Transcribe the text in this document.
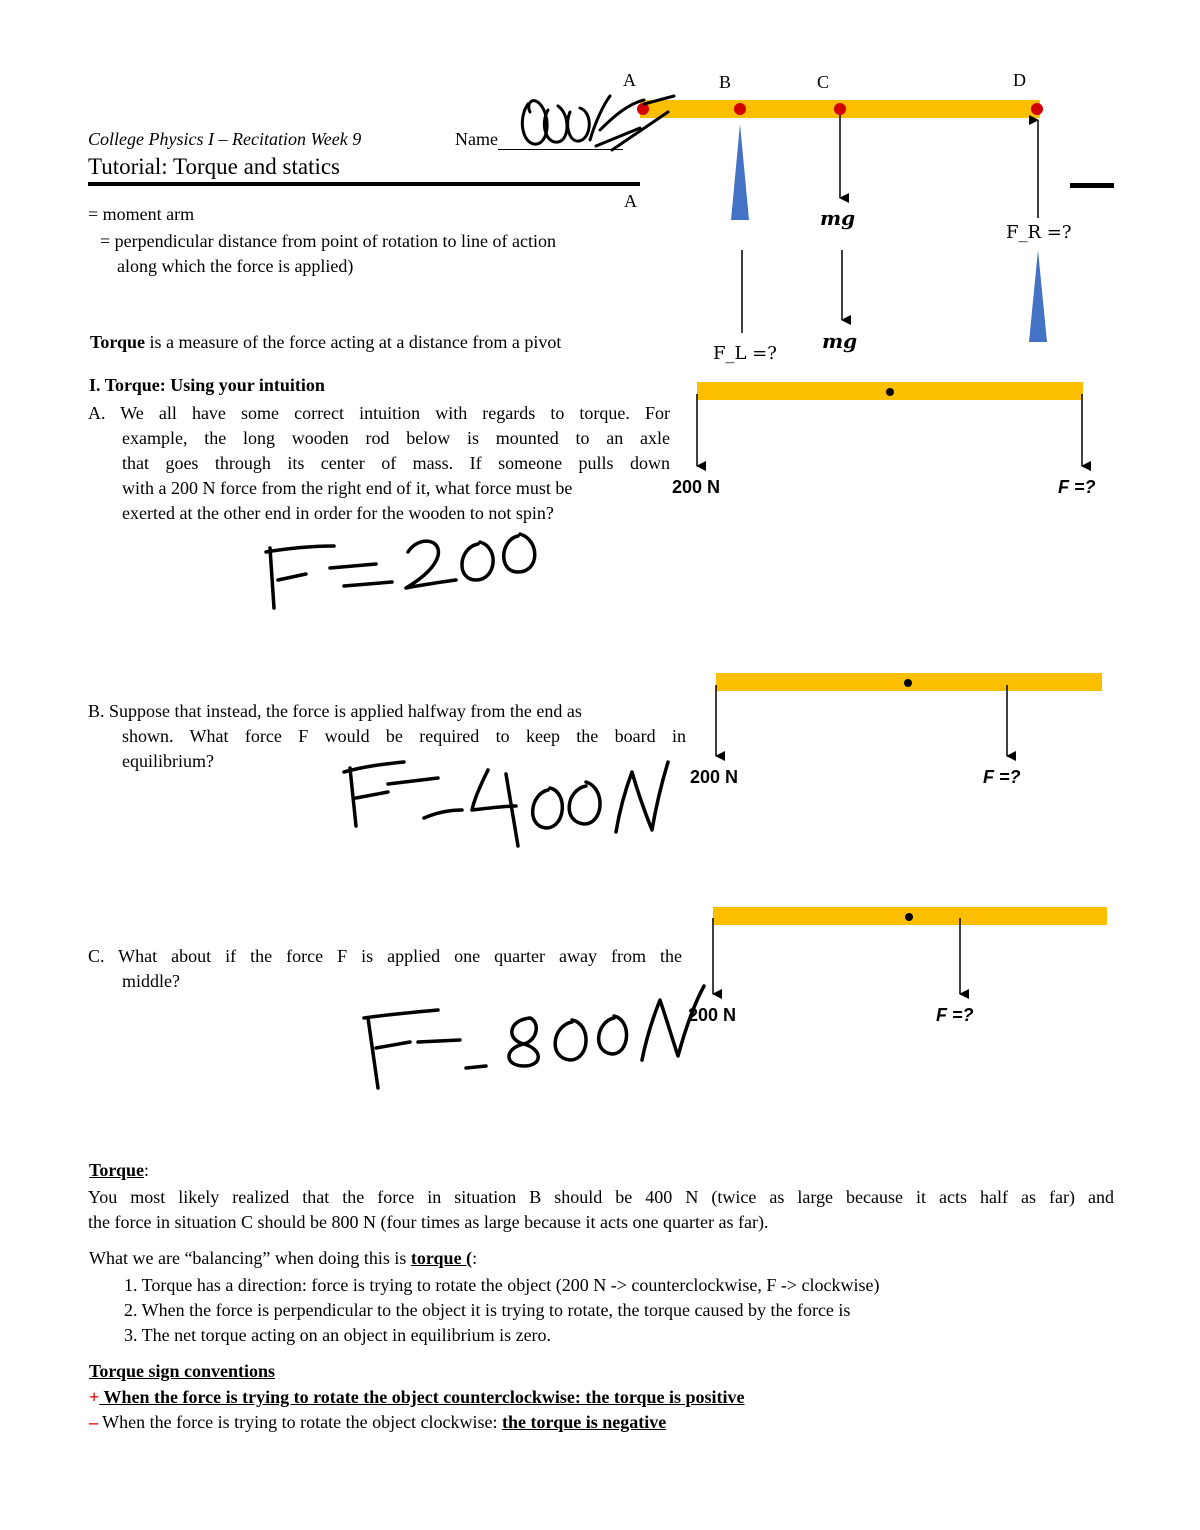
College Physics I – Recitation Week 9	Name
Tutorial: Torque and statics
= moment arm
= perpendicular distance from point of rotation to line of action
along which the force is applied)
Torque is a measure of the force acting at a distance from a pivot
I. Torque: Using your intuition
A. We all have some correct intuition with regards to torque. For
example, the long wooden rod below is mounted to an axle
that goes through its center of mass. If someone pulls down
with a 200 N force from the right end of it, what force must be
exerted at the other end in order for the wooden to not spin?
B. Suppose that instead, the force is applied halfway from the end as
shown. What force F would be required to keep the board in
equilibrium?
C. What about if the force F is applied one quarter away from the
middle?
A	B	C	D
A
mg
mg
F_R =?
F_L =?
200 N	F =?
200 N	F =?
200 N	F =?
Torque:
You most likely realized that the force in situation B should be 400 N (twice as large because it acts half as far) and
the force in situation C should be 800 N (four times as large because it acts one quarter as far).
What we are “balancing” when doing this is torque (:
1. Torque has a direction: force is trying to rotate the object (200 N -> counterclockwise, F -> clockwise)
2. When the force is perpendicular to the object it is trying to rotate, the torque caused by the force is
3. The net torque acting on an object in equilibrium is zero.
Torque sign conventions
+ When the force is trying to rotate the object counterclockwise: the torque is positive
– When the force is trying to rotate the object clockwise: the torque is negative
